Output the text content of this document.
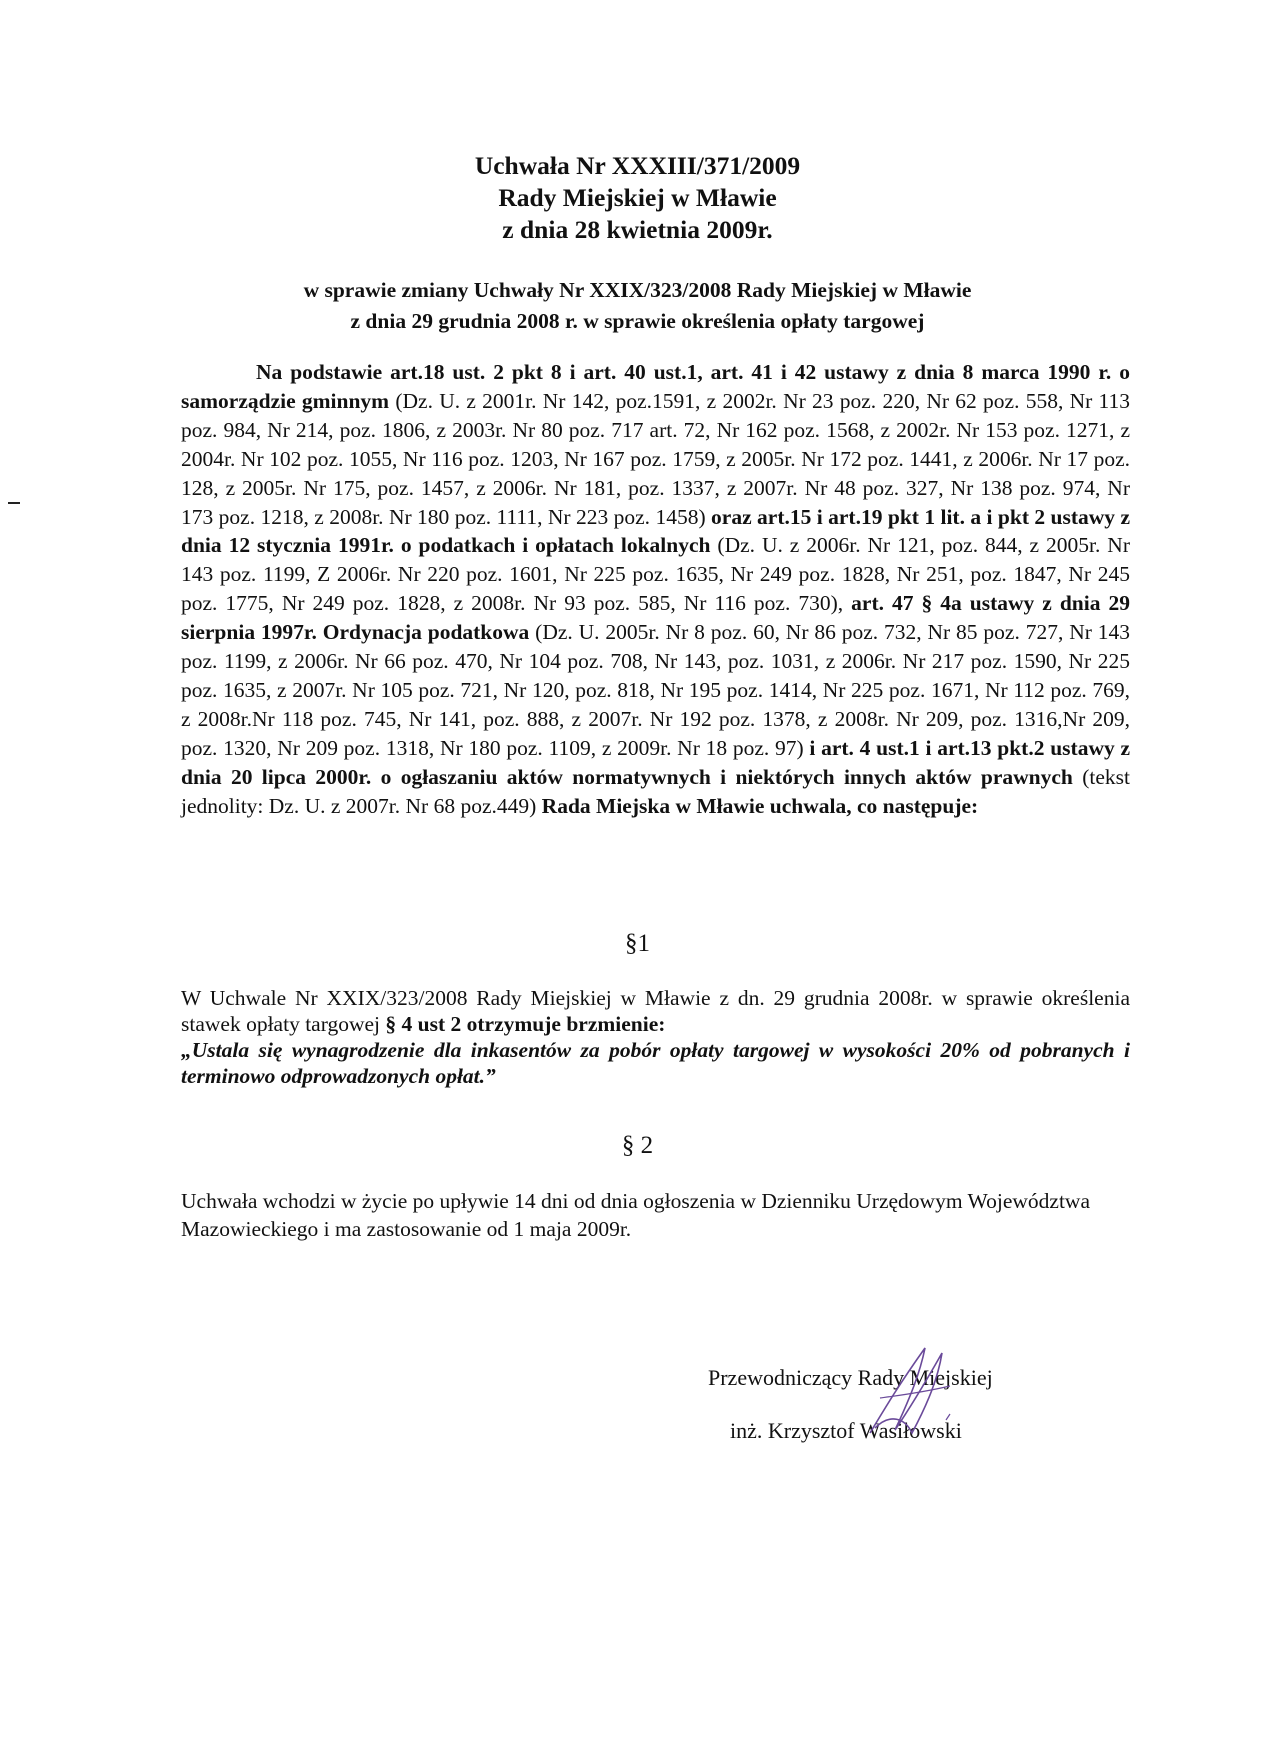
Uchwała Nr XXXIII/371/2009
Rady Miejskiej w Mławie
z dnia 28 kwietnia 2009r.
w sprawie zmiany Uchwały Nr XXIX/323/2008 Rady Miejskiej w Mławie
z dnia 29 grudnia 2008 r. w sprawie określenia opłaty targowej
Na podstawie art.18 ust. 2 pkt 8 i art. 40 ust.1, art. 41 i 42 ustawy z dnia 8 marca 1990 r. o samorządzie gminnym (Dz. U. z 2001r. Nr 142, poz.1591, z 2002r. Nr 23 poz. 220, Nr 62 poz. 558, Nr 113 poz. 984, Nr 214, poz. 1806, z 2003r. Nr 80 poz. 717 art. 72, Nr 162 poz. 1568, z 2002r. Nr 153 poz. 1271, z 2004r. Nr 102 poz. 1055, Nr 116 poz. 1203, Nr 167 poz. 1759, z 2005r. Nr 172 poz. 1441, z 2006r. Nr 17 poz. 128, z 2005r. Nr 175, poz. 1457, z 2006r. Nr 181, poz. 1337, z 2007r. Nr 48 poz. 327, Nr 138 poz. 974, Nr 173 poz. 1218, z 2008r. Nr 180 poz. 1111, Nr 223 poz. 1458) oraz art.15 i art.19 pkt 1 lit. a i pkt 2 ustawy z dnia 12 stycznia 1991r. o podatkach i opłatach lokalnych (Dz. U. z 2006r. Nr 121, poz. 844, z 2005r. Nr 143 poz. 1199, Z 2006r. Nr 220 poz. 1601, Nr 225 poz. 1635, Nr 249 poz. 1828, Nr 251, poz. 1847, Nr 245 poz. 1775, Nr 249 poz. 1828, z 2008r. Nr 93 poz. 585, Nr 116 poz. 730), art. 47 § 4a ustawy z dnia 29 sierpnia 1997r. Ordynacja podatkowa (Dz. U. 2005r. Nr 8 poz. 60, Nr 86 poz. 732, Nr 85 poz. 727, Nr 143 poz. 1199, z 2006r. Nr 66 poz. 470, Nr 104 poz. 708, Nr 143, poz. 1031, z 2006r. Nr 217 poz. 1590, Nr 225 poz. 1635, z 2007r. Nr 105 poz. 721, Nr 120, poz. 818, Nr 195 poz. 1414, Nr 225 poz. 1671, Nr 112 poz. 769, z 2008r.Nr 118 poz. 745, Nr 141, poz. 888, z 2007r. Nr 192 poz. 1378, z 2008r. Nr 209, poz. 1316,Nr 209, poz. 1320, Nr 209 poz. 1318, Nr 180 poz. 1109, z 2009r. Nr 18 poz. 97) i art. 4 ust.1 i art.13 pkt.2 ustawy z dnia 20 lipca 2000r. o ogłaszaniu aktów normatywnych i niektórych innych aktów prawnych (tekst jednolity: Dz. U. z 2007r. Nr 68 poz.449) Rada Miejska w Mławie uchwala, co następuje:
§1
W Uchwale Nr XXIX/323/2008 Rady Miejskiej w Mławie z dn. 29 grudnia 2008r. w sprawie określenia stawek opłaty targowej § 4 ust 2 otrzymuje brzmienie:
„Ustala się wynagrodzenie dla inkasentów za pobór opłaty targowej w wysokości 20% od pobranych i terminowo odprowadzonych opłat.”
§ 2
Uchwała wchodzi w życie po upływie 14 dni od dnia ogłoszenia w Dzienniku Urzędowym Województwa Mazowieckiego i ma zastosowanie od 1 maja 2009r.
Przewodniczący Rady Miejskiej
inż. Krzysztof Wasiłowski
